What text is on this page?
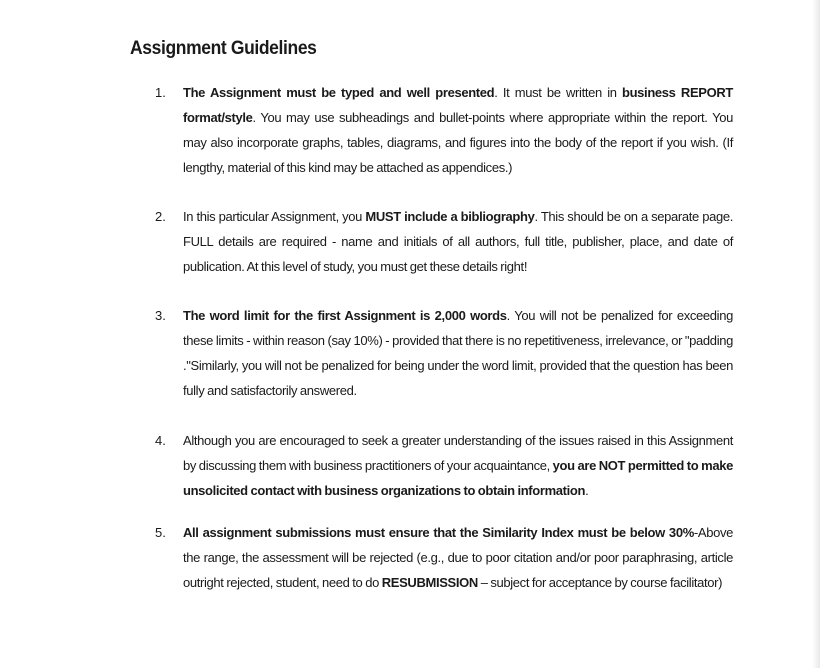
Assignment Guidelines
1. The Assignment must be typed and well presented. It must be written in business REPORT format/style. You may use subheadings and bullet-points where appropriate within the report. You may also incorporate graphs, tables, diagrams, and figures into the body of the report if you wish. (If lengthy, material of this kind may be attached as appendices.)

2. In this particular Assignment, you MUST include a bibliography. This should be on a separate page. FULL details are required - name and initials of all authors, full title, publisher, place, and date of publication. At this level of study, you must get these details right!

3. The word limit for the first Assignment is 2,000 words. You will not be penalized for exceeding these limits - within reason (say 10%) - provided that there is no repetitiveness, irrelevance, or "padding ."Similarly, you will not be penalized for being under the word limit, provided that the question has been fully and satisfactorily answered.

4. Although you are encouraged to seek a greater understanding of the issues raised in this Assignment by discussing them with business practitioners of your acquaintance, you are NOT permitted to make unsolicited contact with business organizations to obtain information.

5. All assignment submissions must ensure that the Similarity Index must be below 30%-Above the range, the assessment will be rejected (e.g., due to poor citation and/or poor paraphrasing, article outright rejected, student, need to do RESUBMISSION – subject for acceptance by course facilitator)
